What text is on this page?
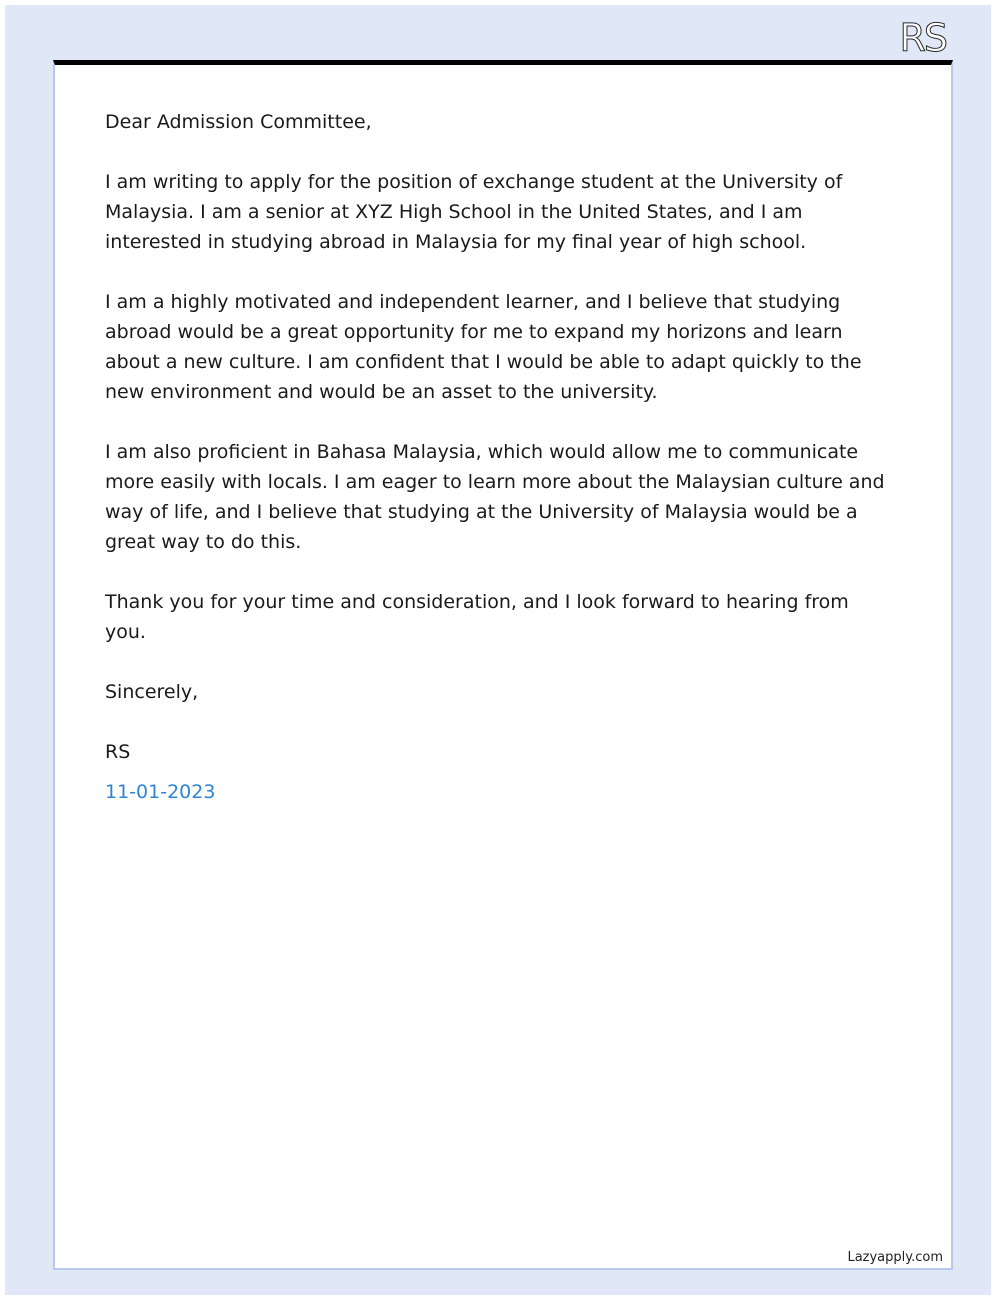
RS

Dear Admission Committee,

I am writing to apply for the position of exchange student at the University of Malaysia. I am a senior at XYZ High School in the United States, and I am interested in studying abroad in Malaysia for my final year of high school.

I am a highly motivated and independent learner, and I believe that studying abroad would be a great opportunity for me to expand my horizons and learn about a new culture. I am confident that I would be able to adapt quickly to the new environment and would be an asset to the university.

I am also proficient in Bahasa Malaysia, which would allow me to communicate more easily with locals. I am eager to learn more about the Malaysian culture and way of life, and I believe that studying at the University of Malaysia would be a great way to do this.

Thank you for your time and consideration, and I look forward to hearing from you.

Sincerely,

RS

11-01-2023

Lazyapply.com
